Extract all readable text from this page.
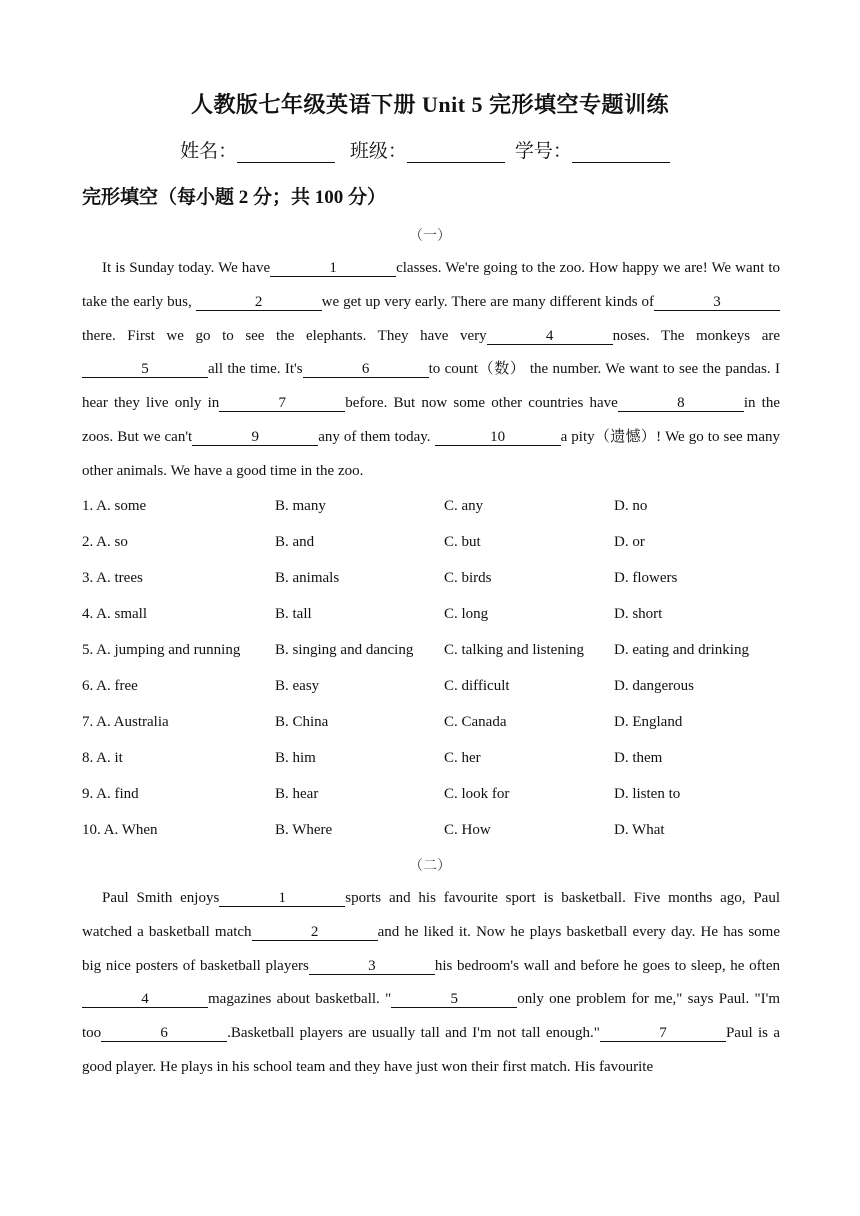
人教版七年级英语下册 Unit 5 完形填空专题训练
姓名：	班级：	学号：
完形填空（每小题 2 分；共 100 分）
（一）

It is Sunday today. We have	1	classes. We're going to the zoo. How happy we are! We want to take the early bus,	2	we get up very early. There are many different kinds of	3there. First we go to see the elephants. They have very	4	noses. The monkeys are5	all the time. It's	6	to count（数） the number. We want to see the pandas. I hear they live only in	7	before. But now some other countries have	8	in the zoos. But we can't	9	any of them today.	10	a pity（遗憾）! We go to see many other animals. We have a good time in the zoo.

1. A. some	B. many	C. any	D. no
2. A. so	B. and	C. but	D. or
3. A. trees	B. animals	C. birds	D. flowers
4. A. small	B. tall	C. long	D. short
5. A. jumping and running B. singing and dancing C. talking and listening D. eating and drinking
6. A. free	B. easy	C. difficult	D. dangerous
7. A. Australia	B. China	C. Canada	D. England
8. A. it	B. him	C. her	D. them
9. A. find	B. hear	C. look for	D. listen to
10. A. When	B. Where	C. How	D. What
（二）

Paul Smith enjoys	1	sports and his favourite sport is basketball. Five months ago, Paul watched a basketball match	2	and he liked it. Now he plays basketball every day. He has some big nice posters of basketball players	3	his bedroom's wall and before he goes to sleep, he often4	magazines about basketball. "	5	only one problem for me," says Paul. "I'm too	6	.Basketball players are usually tall and I'm not tall enough."	7	Paul is a good player. He plays in his school team and they have just won their first match. His favourite
